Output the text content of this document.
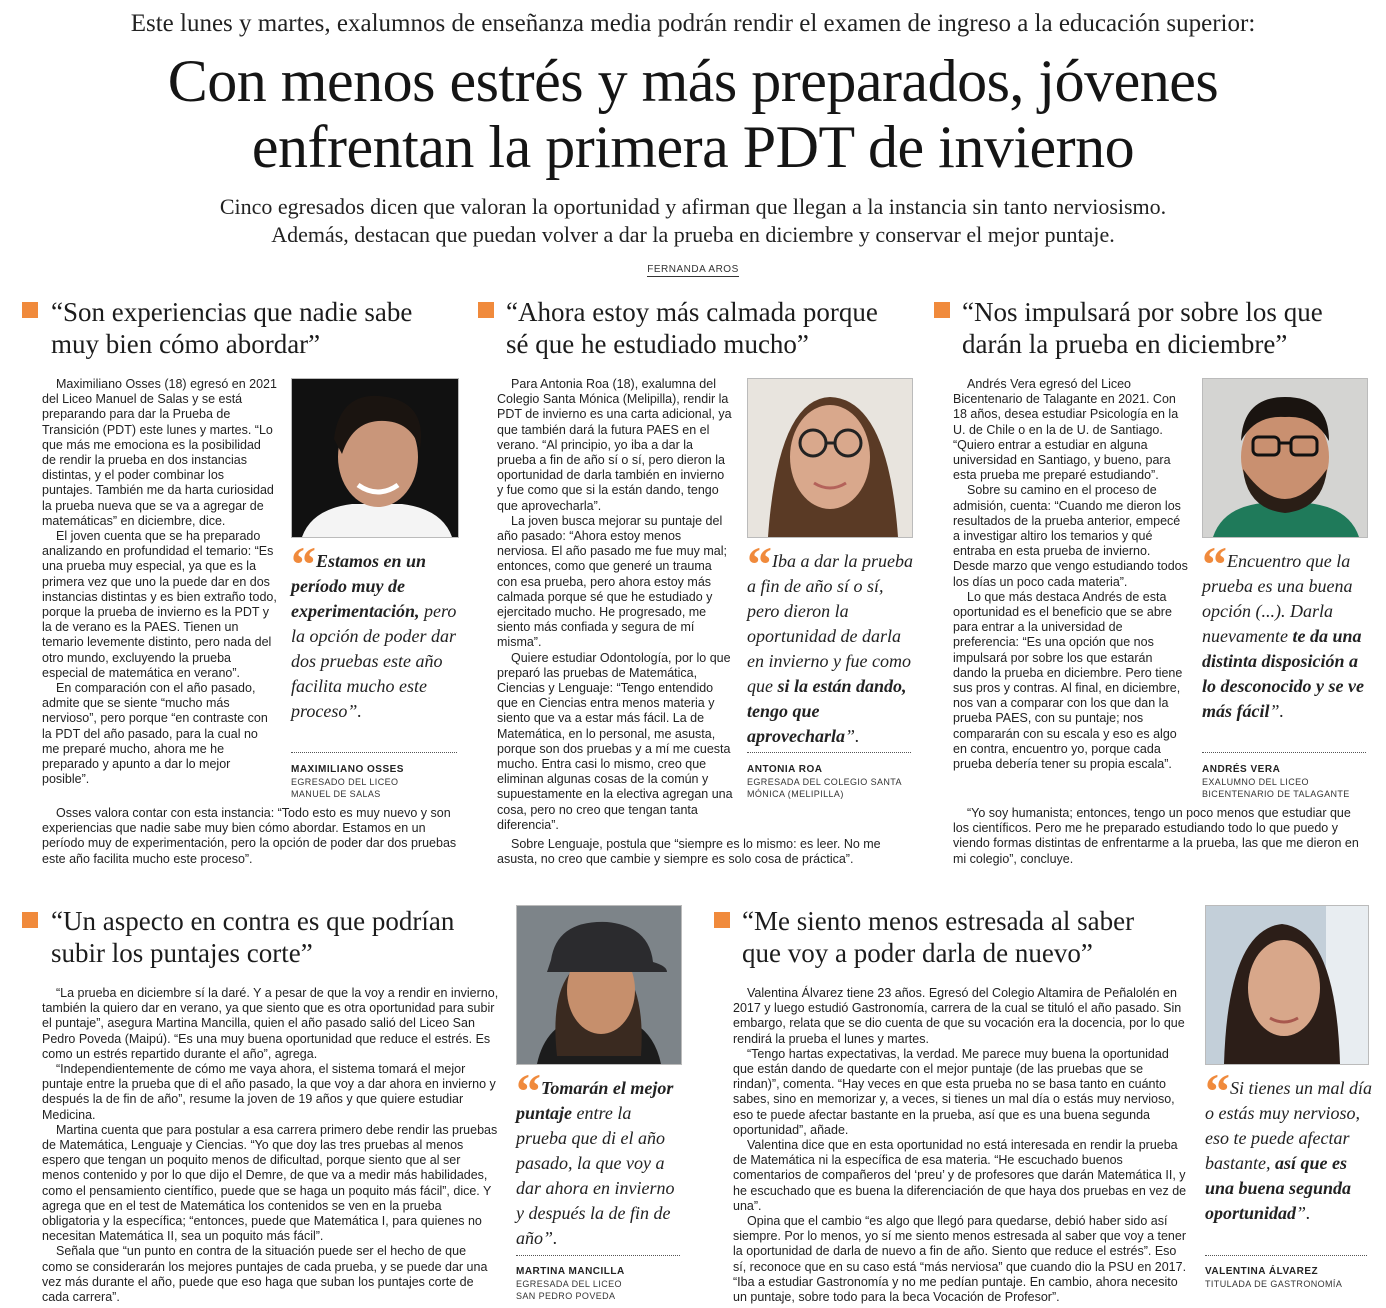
Este lunes y martes, exalumnos de enseñanza media podrán rendir el examen de ingreso a la educación superior:
Con menos estrés y más preparados, jóvenes
enfrentan la primera PDT de invierno
Cinco egresados dicen que valoran la oportunidad y afirman que llegan a la instancia sin tanto nerviosismo.
Además, destacan que puedan volver a dar la prueba en diciembre y conservar el mejor puntaje.
FERNANDA AROS
“Son experiencias que nadie sabe
muy bien cómo abordar”

Maximiliano Osses (18) egresó en 2021 del Liceo Manuel de Salas y se está preparando para dar la Prueba de Transición (PDT) este lunes y martes. “Lo que más me emociona es la posibilidad de rendir la prueba en dos instancias distintas, y el poder combinar los puntajes. También me da harta curiosidad la prueba nueva que se va a agregar de matemáticas” en diciembre, dice.

El joven cuenta que se ha preparado analizando en profundidad el temario: “Es una prueba muy especial, ya que es la primera vez que uno la puede dar en dos instancias distintas y es bien extraño todo, porque la prueba de invierno es la PDT y la de verano es la PAES. Tienen un temario levemente distinto, pero nada del otro mundo, excluyendo la prueba especial de matemática en verano”.

En comparación con el año pasado, admite que se siente “mucho más nervioso”, pero porque “en contraste con la PDT del año pasado, para la cual no me preparé mucho, ahora me he preparado y apunto a dar lo mejor posible”.

Osses valora contar con esta instancia: “Todo esto es muy nuevo y son experiencias que nadie sabe muy bien cómo abordar. Estamos en un período muy de experimentación, pero la opción de poder dar dos pruebas este año facilita mucho este proceso”.

“ Estamos en un período muy de experimentación, pero la opción de poder dar dos pruebas este año facilita mucho este proceso”.
MAXIMILIANO OSSES
EGRESADO DEL LICEO
MANUEL DE SALAS
“Ahora estoy más calmada porque
sé que he estudiado mucho”

Para Antonia Roa (18), exalumna del Colegio Santa Mónica (Melipilla), rendir la PDT de invierno es una carta adicional, ya que también dará la futura PAES en el verano. “Al principio, yo iba a dar la prueba a fin de año sí o sí, pero dieron la oportunidad de darla también en invierno y fue como que si la están dando, tengo que aprovecharla”.

La joven busca mejorar su puntaje del año pasado: “Ahora estoy menos nerviosa. El año pasado me fue muy mal; entonces, como que generé un trauma con esa prueba, pero ahora estoy más calmada porque sé que he estudiado y ejercitado mucho. He progresado, me siento más confiada y segura de mí misma”.

Quiere estudiar Odontología, por lo que preparó las pruebas de Matemática, Ciencias y Lenguaje: “Tengo entendido que en Ciencias entra menos materia y siento que va a estar más fácil. La de Matemática, en lo personal, me asusta, porque son dos pruebas y a mí me cuesta mucho. Entra casi lo mismo, creo que eliminan algunas cosas de la común y supuestamente en la electiva agregan una cosa, pero no creo que tengan tanta diferencia”.

Sobre Lenguaje, postula que “siempre es lo mismo: es leer. No me asusta, no creo que cambie y siempre es solo cosa de práctica”.

“ Iba a dar la prueba a fin de año sí o sí, pero dieron la oportunidad de darla en invierno y fue como que si la están dando, tengo que aprovecharla”.
ANTONIA ROA
EGRESADA DEL COLEGIO SANTA
MÓNICA (MELIPILLA)
“Nos impulsará por sobre los que
darán la prueba en diciembre”

Andrés Vera egresó del Liceo Bicentenario de Talagante en 2021. Con 18 años, desea estudiar Psicología en la U. de Chile o en la de U. de Santiago. “Quiero entrar a estudiar en alguna universidad en Santiago, y bueno, para esta prueba me preparé estudiando”.

Sobre su camino en el proceso de admisión, cuenta: “Cuando me dieron los resultados de la prueba anterior, empecé a investigar altiro los temarios y qué entraba en esta prueba de invierno. Desde marzo que vengo estudiando todos los días un poco cada materia”.

Lo que más destaca Andrés de esta oportunidad es el beneficio que se abre para entrar a la universidad de preferencia: “Es una opción que nos impulsará por sobre los que estarán dando la prueba en diciembre. Pero tiene sus pros y contras. Al final, en diciembre, nos van a comparar con los que dan la prueba PAES, con su puntaje; nos compararán con su escala y eso es algo en contra, encuentro yo, porque cada prueba debería tener su propia escala”.

“Yo soy humanista; entonces, tengo un poco menos que estudiar que los científicos. Pero me he preparado estudiando todo lo que puedo y viendo formas distintas de enfrentarme a la prueba, las que me dieron en mi colegio”, concluye.

“ Encuentro que la prueba es una buena opción (...). Darla nuevamente te da una distinta disposición a lo desconocido y se ve más fácil”.
ANDRÉS VERA
EXALUMNO DEL LICEO
BICENTENARIO DE TALAGANTE
“Un aspecto en contra es que podrían
subir los puntajes corte”

“La prueba en diciembre sí la daré. Y a pesar de que la voy a rendir en invierno, también la quiero dar en verano, ya que siento que es otra oportunidad para subir el puntaje”, asegura Martina Mancilla, quien el año pasado salió del Liceo San Pedro Poveda (Maipú). “Es una muy buena oportunidad que reduce el estrés. Es como un estrés repartido durante el año”, agrega.

“Independientemente de cómo me vaya ahora, el sistema tomará el mejor puntaje entre la prueba que di el año pasado, la que voy a dar ahora en invierno y después la de fin de año”, resume la joven de 19 años y que quiere estudiar Medicina.

Martina cuenta que para postular a esa carrera primero debe rendir las pruebas de Matemática, Lenguaje y Ciencias. “Yo que doy las tres pruebas al menos espero que tengan un poquito menos de dificultad, porque siento que al ser menos contenido y por lo que dijo el Demre, de que va a medir más habilidades, como el pensamiento científico, puede que se haga un poquito más fácil”, dice. Y agrega que en el test de Matemática los contenidos se ven en la prueba obligatoria y la específica; “entonces, puede que Matemática I, para quienes no necesitan Matemática II, sea un poquito más fácil”.

Señala que “un punto en contra de la situación puede ser el hecho de que como se considerarán los mejores puntajes de cada prueba, y se puede dar una vez más durante el año, puede que eso haga que suban los puntajes corte de cada carrera”.

“ Tomarán el mejor puntaje entre la prueba que di el año pasado, la que voy a dar ahora en invierno y después la de fin de año”.
MARTINA MANCILLA
EGRESADA DEL LICEO
SAN PEDRO POVEDA
“Me siento menos estresada al saber
que voy a poder darla de nuevo”

Valentina Álvarez tiene 23 años. Egresó del Colegio Altamira de Peñalolén en 2017 y luego estudió Gastronomía, carrera de la cual se tituló el año pasado. Sin embargo, relata que se dio cuenta de que su vocación era la docencia, por lo que rendirá la prueba el lunes y martes.

“Tengo hartas expectativas, la verdad. Me parece muy buena la oportunidad que están dando de quedarte con el mejor puntaje (de las pruebas que se rindan)”, comenta. “Hay veces en que esta prueba no se basa tanto en cuánto sabes, sino en memorizar y, a veces, si tienes un mal día o estás muy nervioso, eso te puede afectar bastante en la prueba, así que es una buena segunda oportunidad”, añade.

Valentina dice que en esta oportunidad no está interesada en rendir la prueba de Matemática ni la específica de esa materia. “He escuchado buenos comentarios de compañeros del ‘preu’ y de profesores que darán Matemática II, y he escuchado que es buena la diferenciación de que haya dos pruebas en vez de una”.

Opina que el cambio “es algo que llegó para quedarse, debió haber sido así siempre. Por lo menos, yo sí me siento menos estresada al saber que voy a tener la oportunidad de darla de nuevo a fin de año. Siento que reduce el estrés”. Eso sí, reconoce que en su caso está “más nerviosa” que cuando dio la PSU en 2017. “Iba a estudiar Gastronomía y no me pedían puntaje. En cambio, ahora necesito un puntaje, sobre todo para la beca Vocación de Profesor”.

“ Si tienes un mal día o estás muy nervioso, eso te puede afectar bastante, así que es una buena segunda oportunidad”.
VALENTINA ÁLVAREZ
TITULADA DE GASTRONOMÍA
